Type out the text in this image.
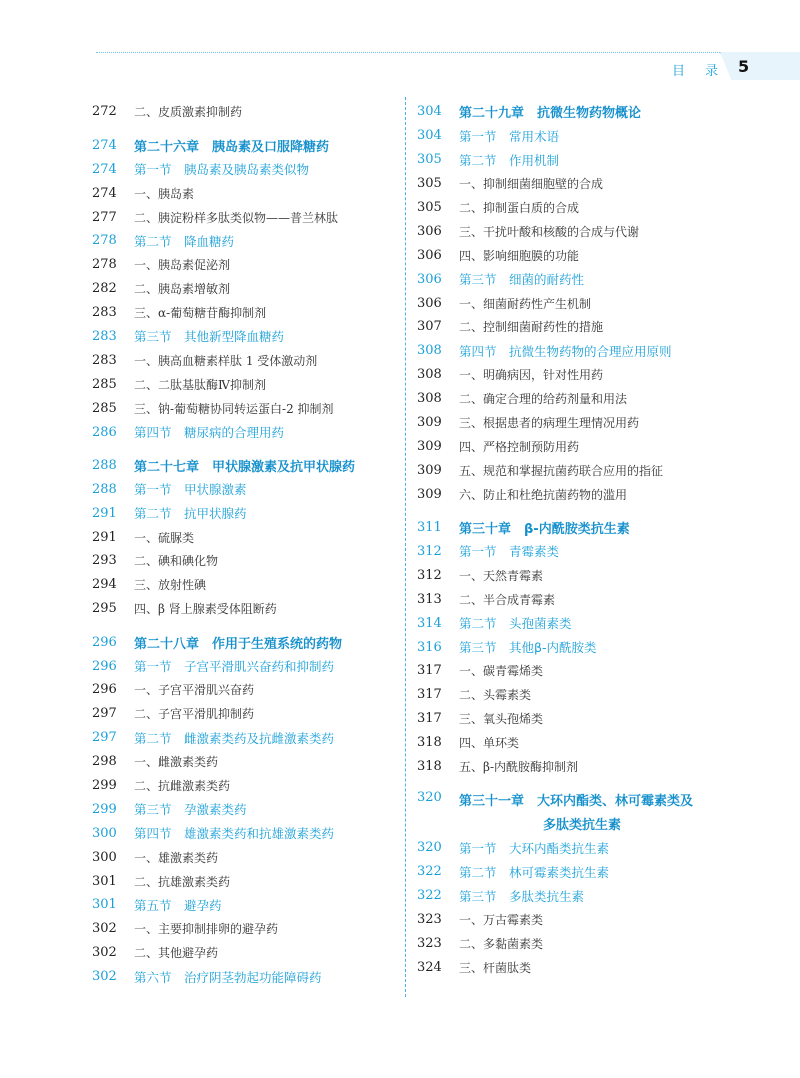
目 录 5
272	二、皮质激素抑制药
274	第二十六章　胰岛素及口服降糖药
274	第一节　胰岛素及胰岛素类似物
274	一、胰岛素
277	二、胰淀粉样多肽类似物——普兰林肽
278	第二节　降血糖药
278	一、胰岛素促泌剂
282	二、胰岛素增敏剂
283	三、α-葡萄糖苷酶抑制剂
283	第三节　其他新型降血糖药
283	一、胰高血糖素样肽 1 受体激动剂
285	二、二肽基肽酶Ⅳ抑制剂
285	三、钠-葡萄糖协同转运蛋白-2 抑制剂
286	第四节　糖尿病的合理用药
288	第二十七章　甲状腺激素及抗甲状腺药
288	第一节　甲状腺激素
291	第二节　抗甲状腺药
291	一、硫脲类
293	二、碘和碘化物
294	三、放射性碘
295	四、β 肾上腺素受体阻断药
296	第二十八章　作用于生殖系统的药物
296	第一节　子宫平滑肌兴奋药和抑制药
296	一、子宫平滑肌兴奋药
297	二、子宫平滑肌抑制药
297	第二节　雌激素类药及抗雌激素类药
298	一、雌激素类药
299	二、抗雌激素类药
299	第三节　孕激素类药
300	第四节　雄激素类药和抗雄激素类药
300	一、雄激素类药
301	二、抗雄激素类药
301	第五节　避孕药
302	一、主要抑制排卵的避孕药
302	二、其他避孕药
302	第六节　治疗阴茎勃起功能障碍药
304	第二十九章　抗微生物药物概论
304	第一节　常用术语
305	第二节　作用机制
305	一、抑制细菌细胞壁的合成
305	二、抑制蛋白质的合成
306	三、干扰叶酸和核酸的合成与代谢
306	四、影响细胞膜的功能
306	第三节　细菌的耐药性
306	一、细菌耐药性产生机制
307	二、控制细菌耐药性的措施
308	第四节　抗微生物药物的合理应用原则
308	一、明确病因，针对性用药
308	二、确定合理的给药剂量和用法
309	三、根据患者的病理生理情况用药
309	四、严格控制预防用药
309	五、规范和掌握抗菌药联合应用的指征
309	六、防止和杜绝抗菌药物的滥用
311	第三十章　β-内酰胺类抗生素
312	第一节　青霉素类
312	一、天然青霉素
313	二、半合成青霉素
314	第二节　头孢菌素类
316	第三节　其他β-内酰胺类
317	一、碳青霉烯类
317	二、头霉素类
317	三、氧头孢烯类
318	四、单环类
318	五、β-内酰胺酶抑制剂
320	第三十一章　大环内酯类、林可霉素类及
多肽类抗生素
320	第一节　大环内酯类抗生素
322	第二节　林可霉素类抗生素
322	第三节　多肽类抗生素
323	一、万古霉素类
323	二、多黏菌素类
324	三、杆菌肽类
